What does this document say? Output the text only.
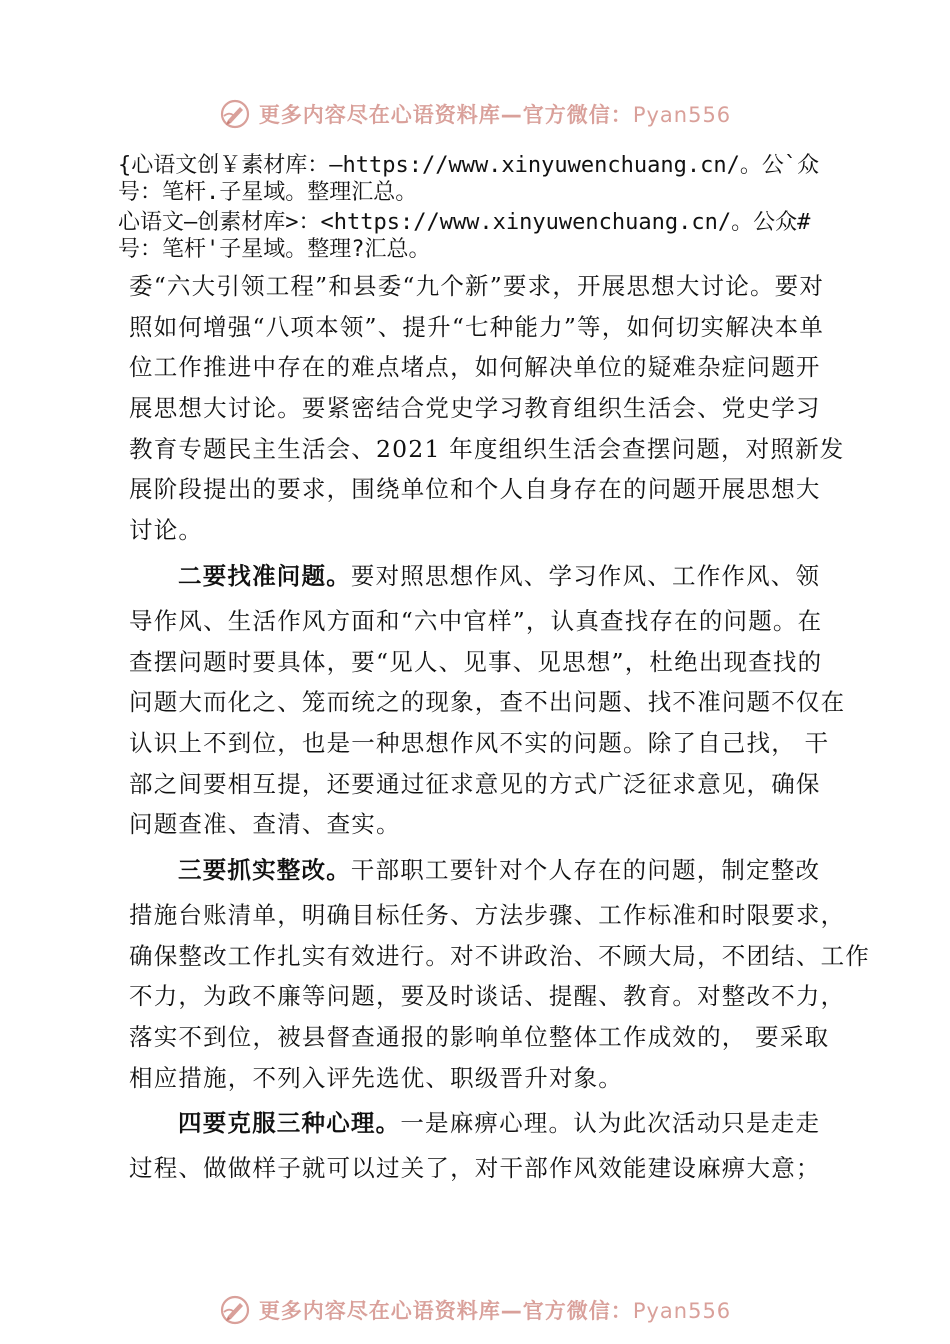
更多内容尽在心语资料库—官方微信：Pyan556
{心语文创￥素材库：—https://www.xinyuwenchuang.cn/。公`众
号：笔杆.子星域。整理汇总。
心语文—创素材库>：<https://www.xinyuwenchuang.cn/。公众#
号：笔杆'子星域。整理?汇总。
委“六大引领工程”和县委“九个新”要求，开展思想大讨论。要对
照如何增强“八项本领”、提升“七种能力”等，如何切实解决本单
位工作推进中存在的难点堵点，如何解决单位的疑难杂症问题开
展思想大讨论。要紧密结合党史学习教育组织生活会、党史学习
教育专题民主生活会、2021 年度组织生活会查摆问题，对照新发
展阶段提出的要求，围绕单位和个人自身存在的问题开展思想大
讨论。
二要找准问题。要对照思想作风、学习作风、工作作风、领
导作风、生活作风方面和“六中官样”，认真查找存在的问题。在
查摆问题时要具体，要“见人、见事、见思想”，杜绝出现查找的
问题大而化之、笼而统之的现象，查不出问题、找不准问题不仅在
认识上不到位，也是一种思想作风不实的问题。除了自己找， 干
部之间要相互提，还要通过征求意见的方式广泛征求意见，确保
问题查准、查清、查实。
三要抓实整改。干部职工要针对个人存在的问题，制定整改
措施台账清单，明确目标任务、方法步骤、工作标准和时限要求，
确保整改工作扎实有效进行。对不讲政治、不顾大局，不团结、工作
不力，为政不廉等问题，要及时谈话、提醒、教育。对整改不力，
落实不到位，被县督查通报的影响单位整体工作成效的， 要采取
相应措施，不列入评先选优、职级晋升对象。
四要克服三种心理。一是麻痹心理。认为此次活动只是走走
过程、做做样子就可以过关了，对干部作风效能建设麻痹大意；
更多内容尽在心语资料库—官方微信：Pyan556
